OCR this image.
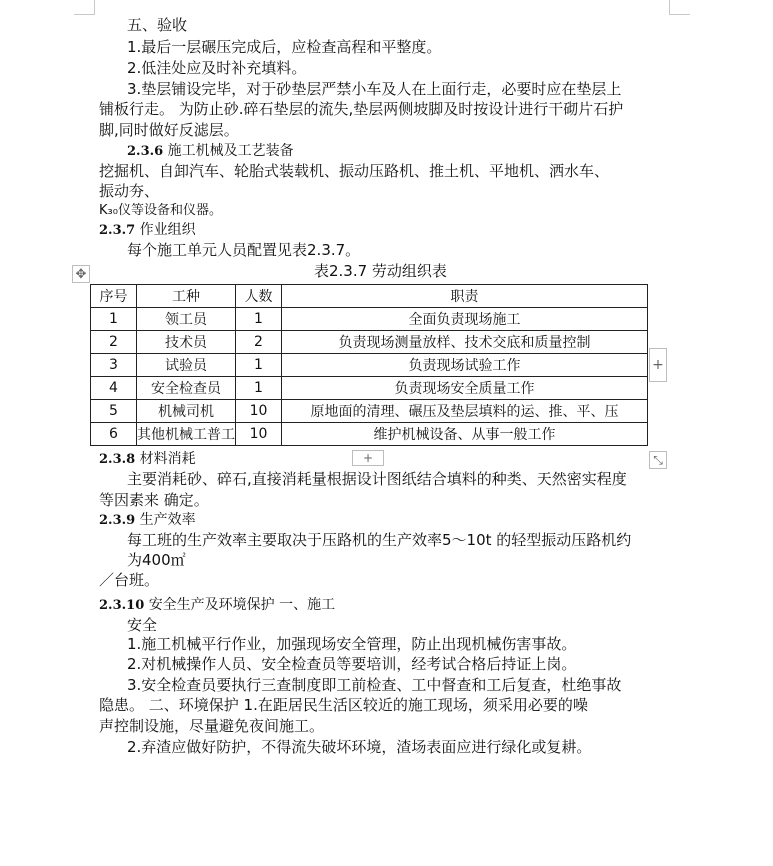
五、验收
1.最后一层碾压完成后，应检查高程和平整度。
2.低洼处应及时补充填料。
3.垫层铺设完毕，对于砂垫层严禁小车及人在上面行走，必要时应在垫层上
铺板行走。 为防止砂.碎石垫层的流失,垫层两侧坡脚及时按设计进行干砌片石护
脚,同时做好反滤层。
2.3.6 施工机械及工艺装备
挖掘机、自卸汽车、轮胎式装载机、振动压路机、推土机、平地机、洒水车、
振动夯、
K₃₀仪等设备和仪器。
2.3.7 作业组织
每个施工单元人员配置见表2.3.7。
表2.3.7 劳动组织表
✥
序号	工种	人数	职责
1	领工员	1	全面负责现场施工
2	技术员	2	负责现场测量放样、技术交底和质量控制
3	试验员	1	负责现场试验工作
4	安全检查员	1	负责现场安全质量工作
5	机械司机	10	原地面的清理、碾压及垫层填料的运、推、平、压
6	其他机械工普工	10	维护机械设备、从事一般工作
+
+	⤡
2.3.8 材料消耗
主要消耗砂、碎石,直接消耗量根据设计图纸结合填料的种类、天然密实程度
等因素来 确定。
2.3.9 生产效率
每工班的生产效率主要取决于压路机的生产效率5～10t 的轻型振动压路机约
为400㎡
／台班。
2.3.10 安全生产及环境保护 一、施工
安全
1.施工机械平行作业，加强现场安全管理，防止出现机械伤害事故。
2.对机械操作人员、安全检查员等要培训，经考试合格后持证上岗。
3.安全检查员要执行三查制度即工前检查、工中督查和工后复查，杜绝事故
隐患。 二、环境保护 1.在距居民生活区较近的施工现场，须采用必要的噪
声控制设施，尽量避免夜间施工。
2.弃渣应做好防护，不得流失破坏环境，渣场表面应进行绿化或复耕。
